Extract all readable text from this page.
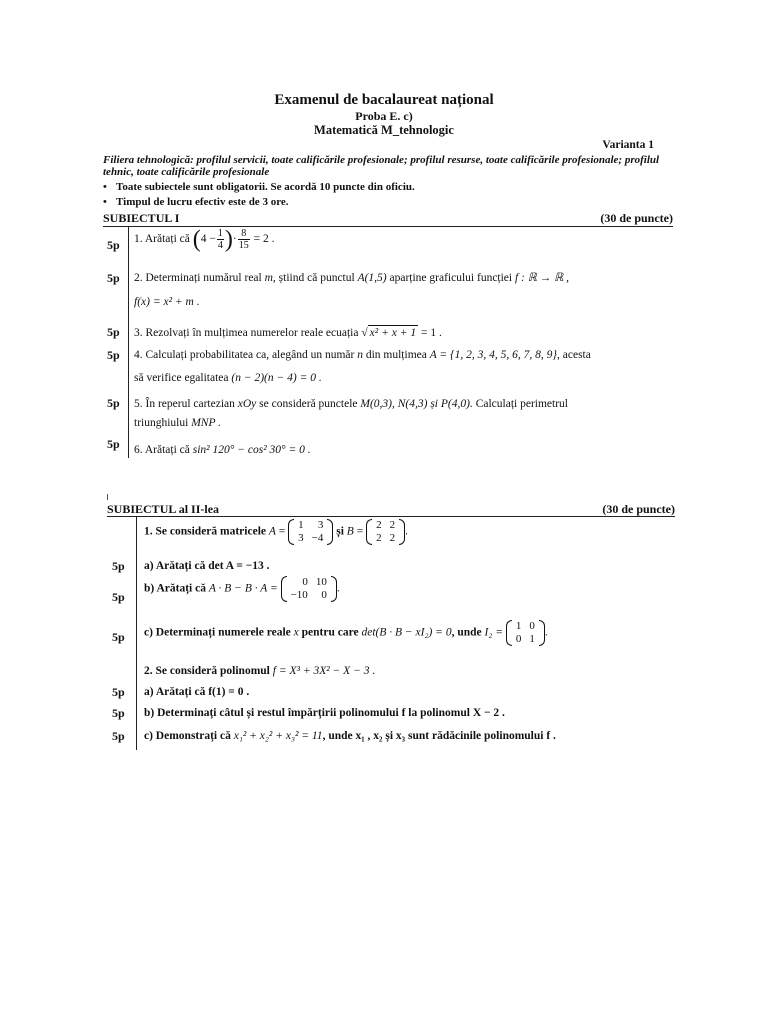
Examenul de bacalaureat național
Proba E. c)
Matematică M_tehnologic
Varianta 1
Filiera tehnologică: profilul servicii, toate calificările profesionale; profilul resurse, toate calificările profesionale; profilul tehnic, toate calificările profesionale
• Toate subiectele sunt obligatorii. Se acordă 10 puncte din oficiu.
• Timpul de lucru efectiv este de 3 ore.
SUBIECTUL I	(30 de puncte)
5p 1. Arătați că ($4 - \frac{1}{4}$ )· $\frac{8}{15} = 2$ .
5p 2. Determinați numărul real m, știind că punctul A(1,5) aparține graficului funcției f : ℝ → ℝ ,
f(x) = x² + m .
5p 3. Rezolvați în mulțimea numerelor reale ecuația √ x² + x + 1 = 1 .
5p 4. Calculați probabilitatea ca, alegând un număr n din mulțimea A = {1, 2, 3, 4, 5, 6, 7, 8, 9}, acesta
să verifice egalitatea (n − 2)(n − 4) = 0 .
5p 5. În reperul cartezian xOy se consideră punctele M(0,3), N(4,3) și P(4,0). Calculați perimetrul
triunghiului MNP .
5p 6. Arătați că sin² 120° − cos² 30° = 0 .
SUBIECTUL al II-lea	(30 de puncte)
1. Se consideră matricele A =
1	3
3	−4
și B =
2	2
2	2
.
5p a) Arătați că det A = −13 .
5p
b) Arătați că A · B − B · A =
0	10
−10	0
.
5p c) Determinați numerele reale x pentru care det(B · B − xI₂) = 0, unde I₂ =
1	0
0	1
.
2. Se consideră polinomul f = X³ + 3X² − X − 3 .
5p a) Arătați că f(1) = 0 .
5p b) Determinați câtul și restul împărțirii polinomului f la polinomul X − 2 .
5p c) Demonstrați că x₁² + x₂² + x₃² = 11, unde x₁ , x₂ și x₃ sunt rădăcinile polinomului f .
